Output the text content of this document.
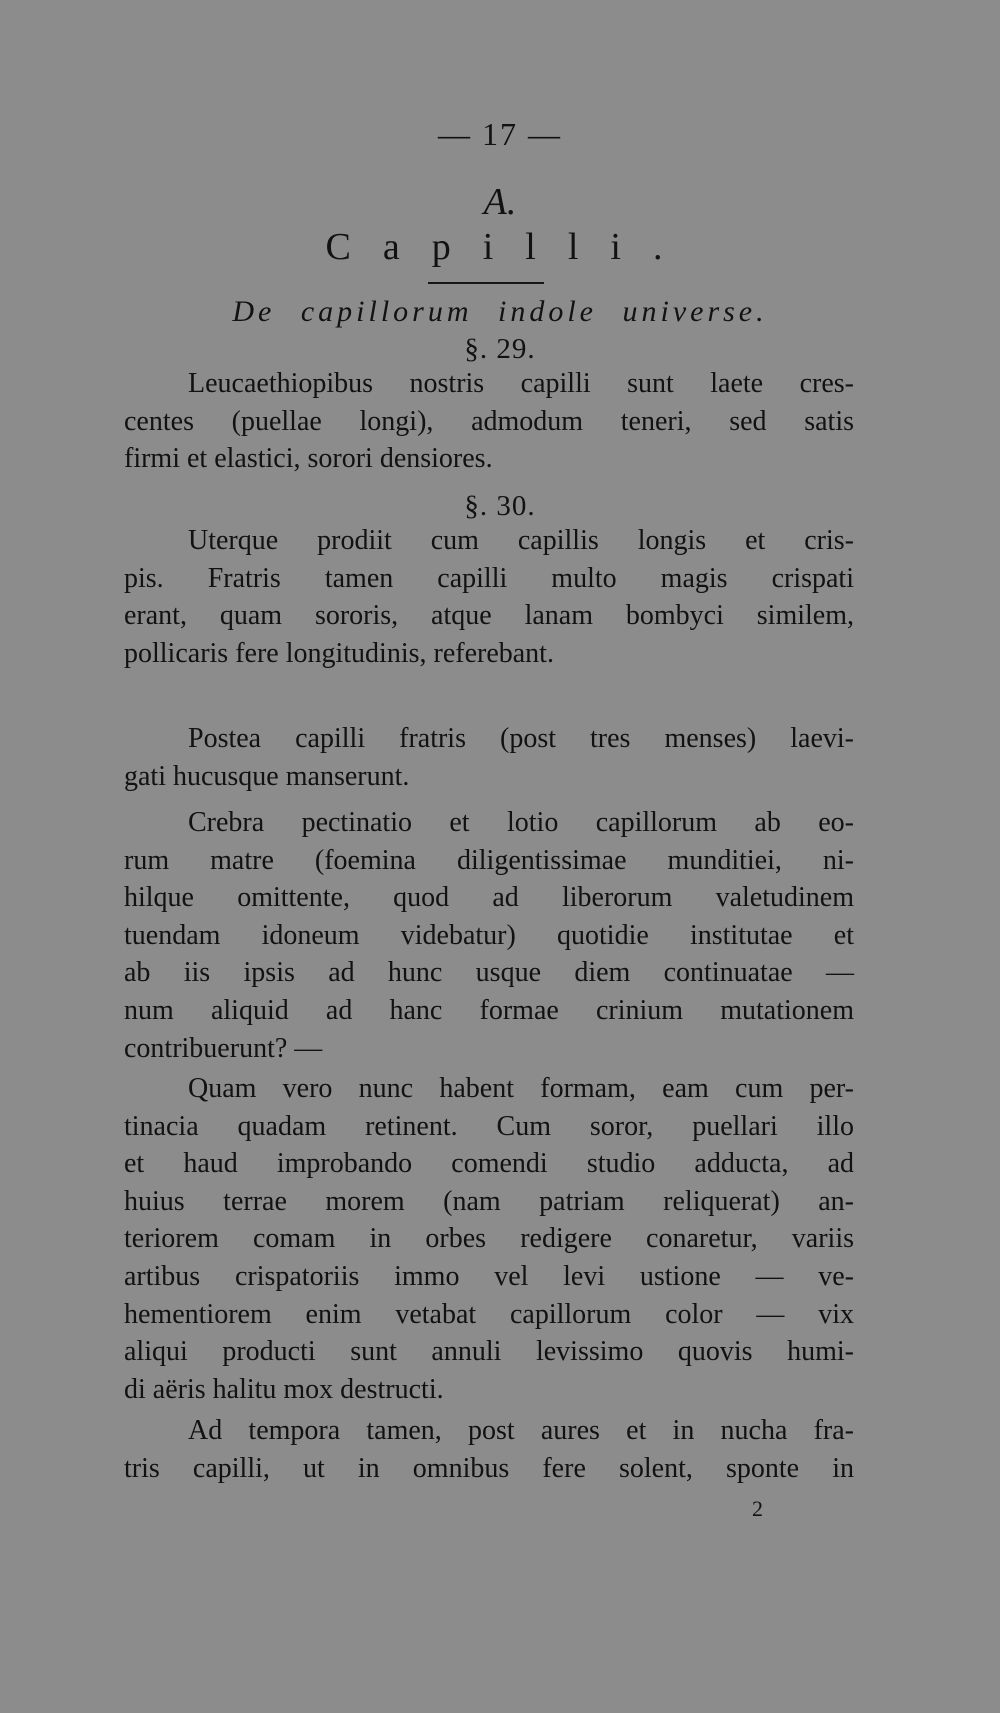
— 17 —
A.
Capilli.
De capillorum indole universe.
§. 29.
Leucaethiopibus nostris capilli sunt laete cres-
centes (puellae longi), admodum teneri, sed satis
firmi et elastici, sorori densiores.
§. 30.
Uterque prodiit cum capillis longis et cris-
pis. Fratris tamen capilli multo magis crispati
erant, quam sororis, atque lanam bombyci similem,
pollicaris fere longitudinis, referebant.
Postea capilli fratris (post tres menses) laevi-
gati hucusque manserunt.
Crebra pectinatio et lotio capillorum ab eo-
rum matre (foemina diligentissimae munditiei, ni-
hilque omittente, quod ad liberorum valetudinem
tuendam idoneum videbatur) quotidie institutae et
ab iis ipsis ad hunc usque diem continuatae —
num aliquid ad hanc formae crinium mutationem
contribuerunt? —
Quam vero nunc habent formam, eam cum per-
tinacia quadam retinent. Cum soror, puellari illo
et haud improbando comendi studio adducta, ad
huius terrae morem (nam patriam reliquerat) an-
teriorem comam in orbes redigere conaretur, variis
artibus crispatoriis immo vel levi ustione — ve-
hementiorem enim vetabat capillorum color — vix
aliqui producti sunt annuli levissimo quovis humi-
di aëris halitu mox destructi.
Ad tempora tamen, post aures et in nucha fra-
tris capilli, ut in omnibus fere solent, sponte in
2
